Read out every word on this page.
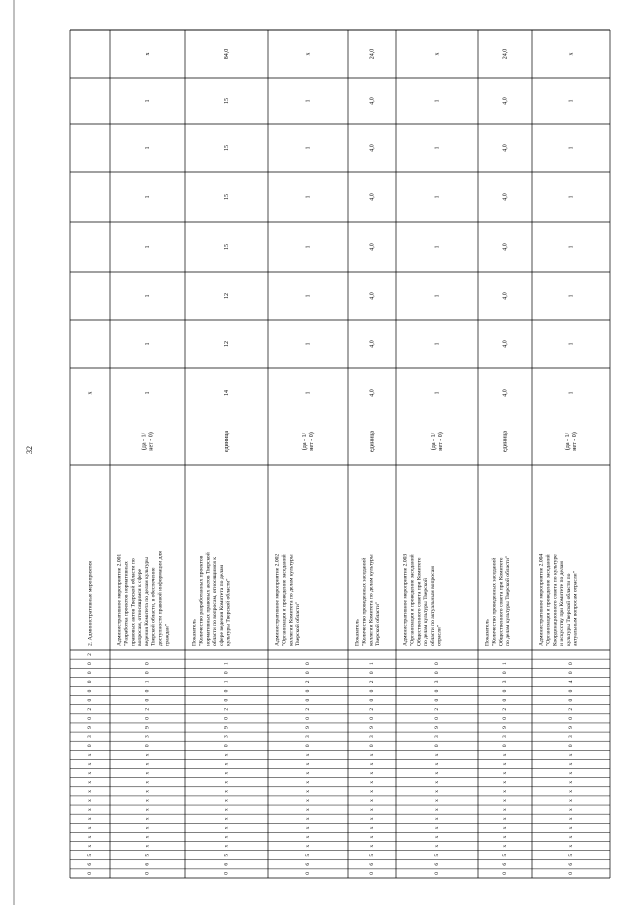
32
0
6
5
x
x
x
x
x
x
x
x
x
x
x
0
3
9
0
2
0
0
0
0
0
2
2. Административные мероприятия
x
0
6
5
x
x
x
x
x
x
x
x
x
x
x
0
3
9
0
2
0
0
1
0
0
Административное мероприятие 2.001 "Разработка проектов нормативных правовых актов Тверской области по вопросам, относящимся к сфере ведения Комитета по делам культуры Тверской области, в обеспечение доступности правовой информации для граждан"
(да - 1/ нет - 0)
1
1
1
1
1
1
1
x
0
6
5
x
x
x
x
x
x
x
x
x
x
x
0
3
9
0
2
0
0
1
0
1
Показатель "Количество разработанных проектов нормативных правовых актов Тверской области по вопросам, относящимся к сфере ведения Комитета по делам культуры Тверской области"
единица
14
12
12
15
15
15
15
84,0
0
6
5
x
x
x
x
x
x
x
x
x
x
x
0
3
9
0
2
0
0
2
0
0
Административное мероприятие 2.002 "Организация и проведение заседаний коллегии Комитета по делам культуры Тверской области"
(да - 1/ нет - 0)
1
1
1
1
1
1
1
x
0
6
5
x
x
x
x
x
x
x
x
x
x
x
0
3
9
0
2
0
0
2
0
1
Показатель "Количество проведенных заседаний коллегии Комитета по делам культуры Тверской области"
единица
4,0
4,0
4,0
4,0
4,0
4,0
4,0
24,0
0
6
5
x
x
x
x
x
x
x
x
x
x
x
0
3
9
0
2
0
0
3
0
0
Административное мероприятие 2.003 "Организация и проведение заседаний Общественного совета при Комитете по делам культуры Тверской области по актуальным вопросам отрасли"
(да - 1/ нет - 0)
1
1
1
1
1
1
1
x
0
6
5
x
x
x
x
x
x
x
x
x
x
x
0
3
9
0
2
0
0
3
0
1
Показатель "Количество проведенных заседаний Общественного совета при Комитете по делам культуры Тверской области"
единица
4,0
4,0
4,0
4,0
4,0
4,0
4,0
24,0
0
6
5
x
x
x
x
x
x
x
x
x
x
x
0
3
9
0
2
0
0
4
0
0
Административное мероприятие 2.004 "Организация и проведение заседаний Координационного совета по культуре и искусству при Комитете по делам культуры Тверской области по актуальным вопросам отрасли"
(да - 1/ нет - 0)
1
1
1
1
1
1
1
x
